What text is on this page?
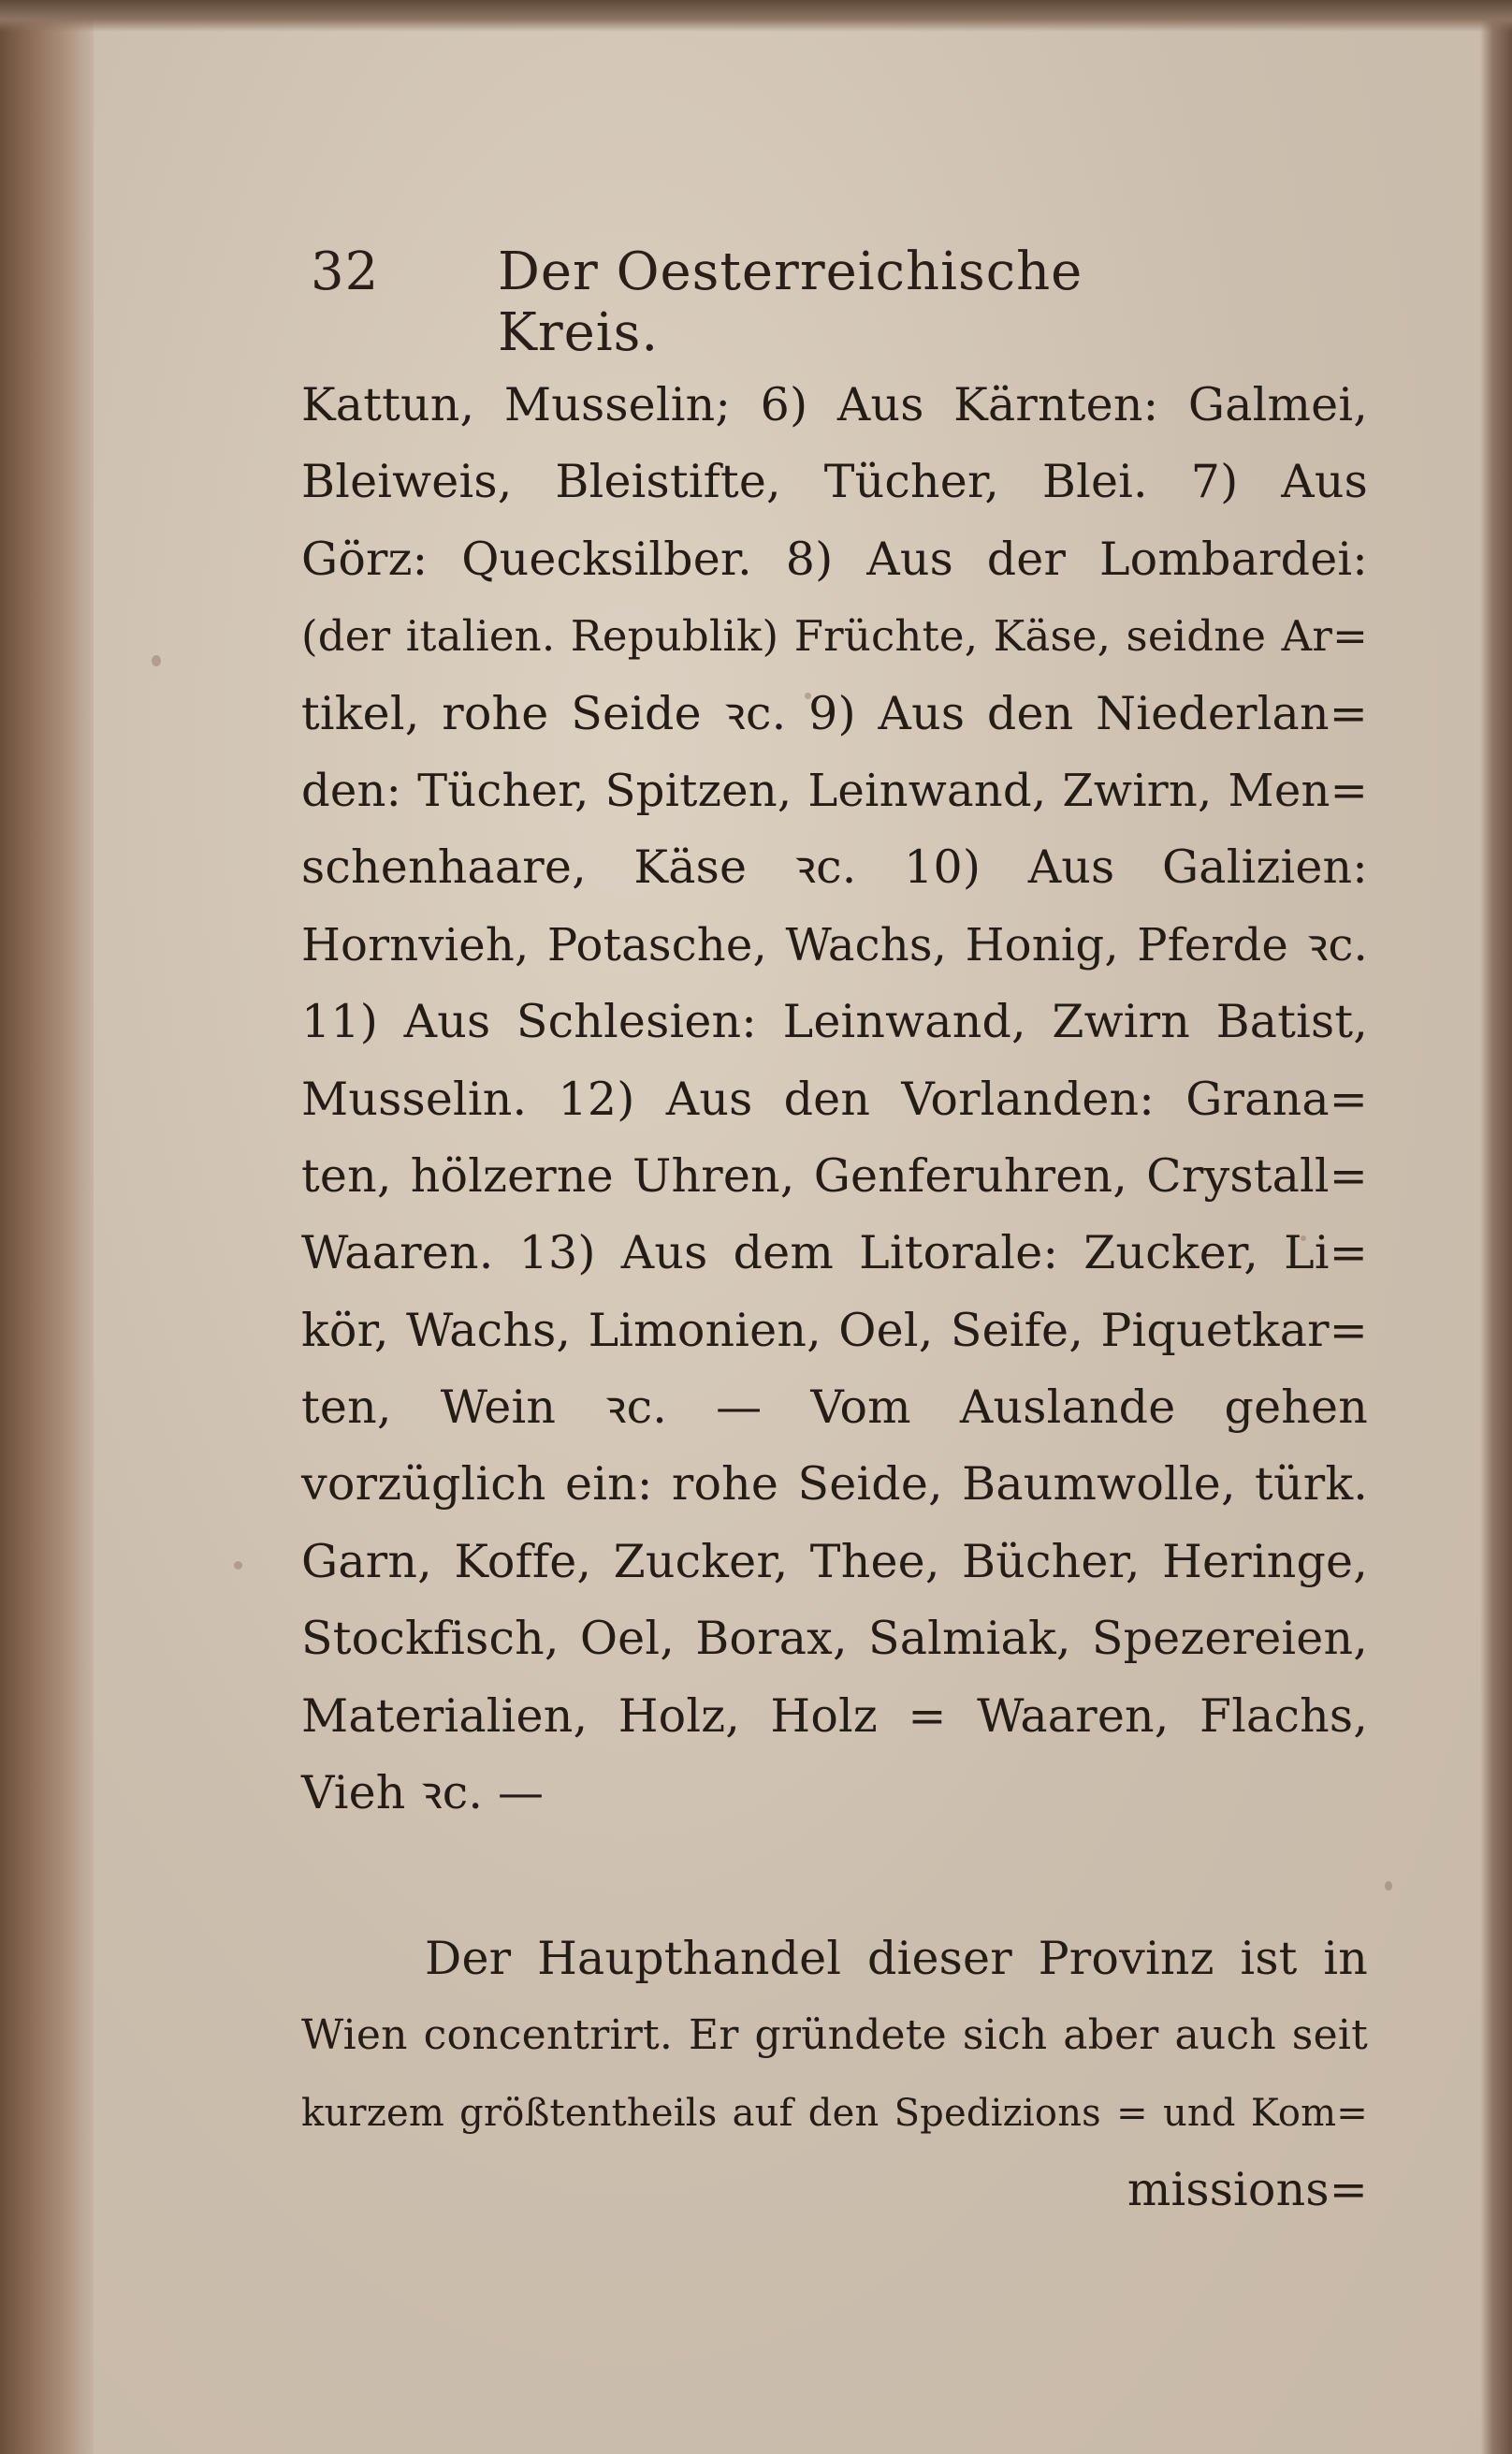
32 Der Oesterreichische Kreis.
Kattun, Musselin; 6) Aus Kärnten: Galmei,
Bleiweis, Bleistifte, Tücher, Blei. 7) Aus
Görz: Quecksilber. 8) Aus der Lombardei:
(der italien. Republik) Früchte, Käse, seidne Ar=
tikel, rohe Seide ꝛc. 9) Aus den Niederlan=
den: Tücher, Spitzen, Leinwand, Zwirn, Men=
schenhaare, Käse ꝛc. 10) Aus Galizien:
Hornvieh, Potasche, Wachs, Honig, Pferde ꝛc.
11) Aus Schlesien: Leinwand, Zwirn Batist,
Musselin. 12) Aus den Vorlanden: Grana=
ten, hölzerne Uhren, Genferuhren, Crystall=
Waaren. 13) Aus dem Litorale: Zucker, Li=
kör, Wachs, Limonien, Oel, Seife, Piquetkar=
ten, Wein ꝛc. — Vom Auslande gehen
vorzüglich ein: rohe Seide, Baumwolle, türk.
Garn, Koffe, Zucker, Thee, Bücher, Heringe,
Stockfisch, Oel, Borax, Salmiak, Spezereien,
Materialien, Holz, Holz = Waaren, Flachs,
Vieh ꝛc. —
Der Haupthandel dieser Provinz ist in
Wien concentrirt. Er gründete sich aber auch seit
kurzem größtentheils auf den Spedizions = und Kom=
missions=
